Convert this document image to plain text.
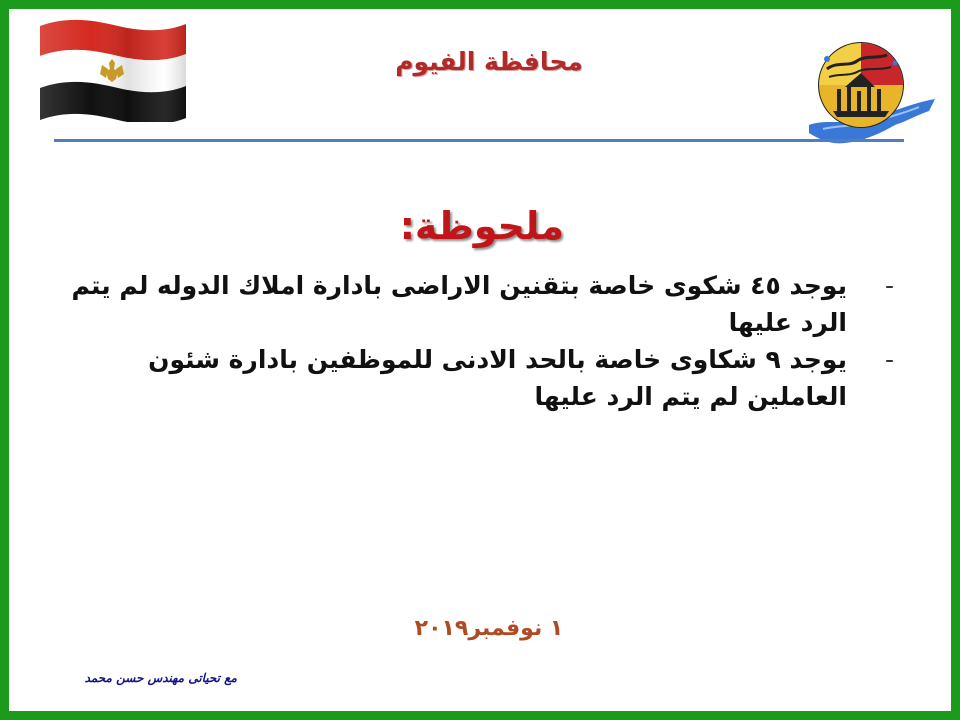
محافظة الفيوم
ملحوظة:
-
يوجد ٤٥ شكوى خاصة بتقنين الاراضى بادارة املاك الدوله لم يتم الرد عليها
-
يوجد ٩ شكاوى خاصة بالحد الادنى للموظفين بادارة شئون العاملين لم يتم الرد عليها
١ نوفمبر٢٠١٩
مع تحياتى مهندس حسن محمد
